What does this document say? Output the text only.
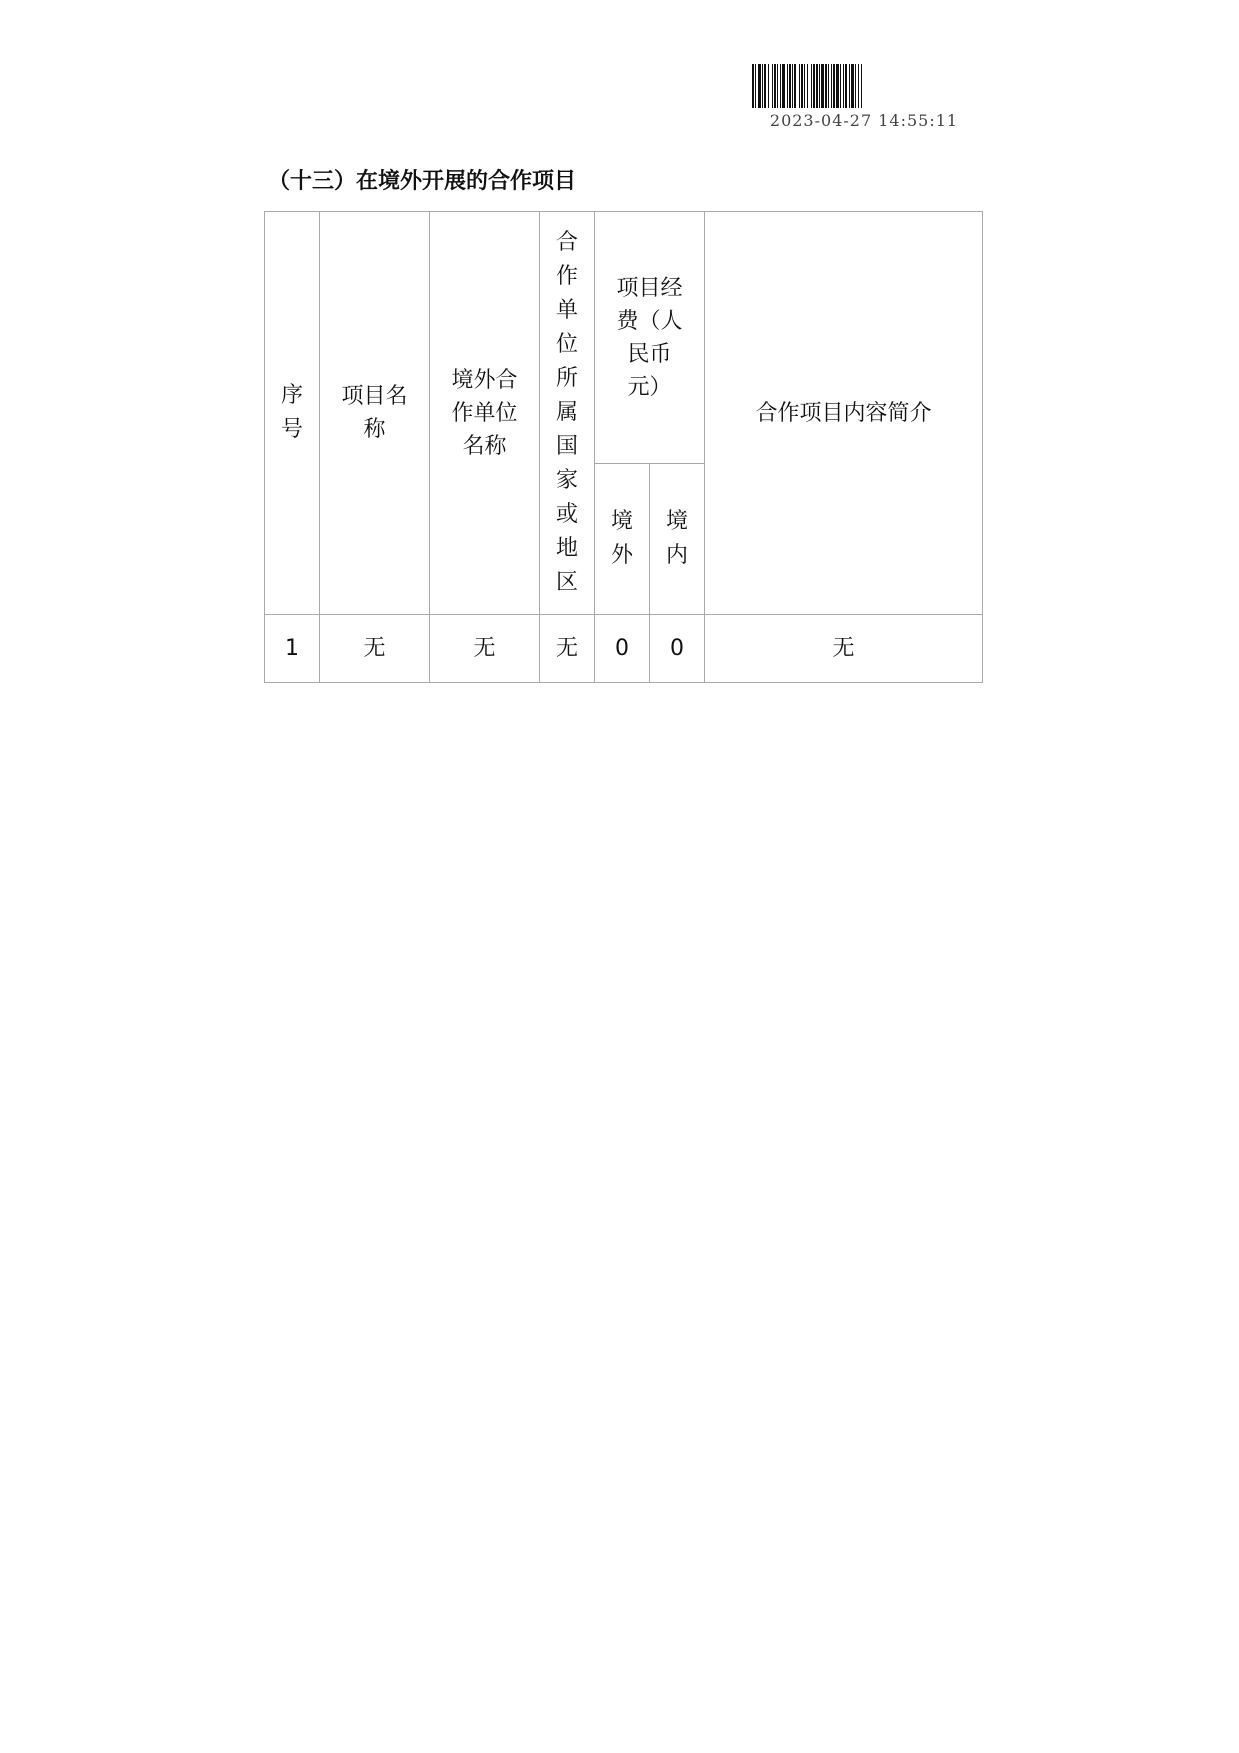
2023-04-27 14:55:11
（十三）在境外开展的合作项目
序号	项目名称	境外合作单位名称	合作单位所属国家或地区	项目经费（人民币元）		合作项目内容简介
				境外	境内	
1	无	无	无	0	0	无
